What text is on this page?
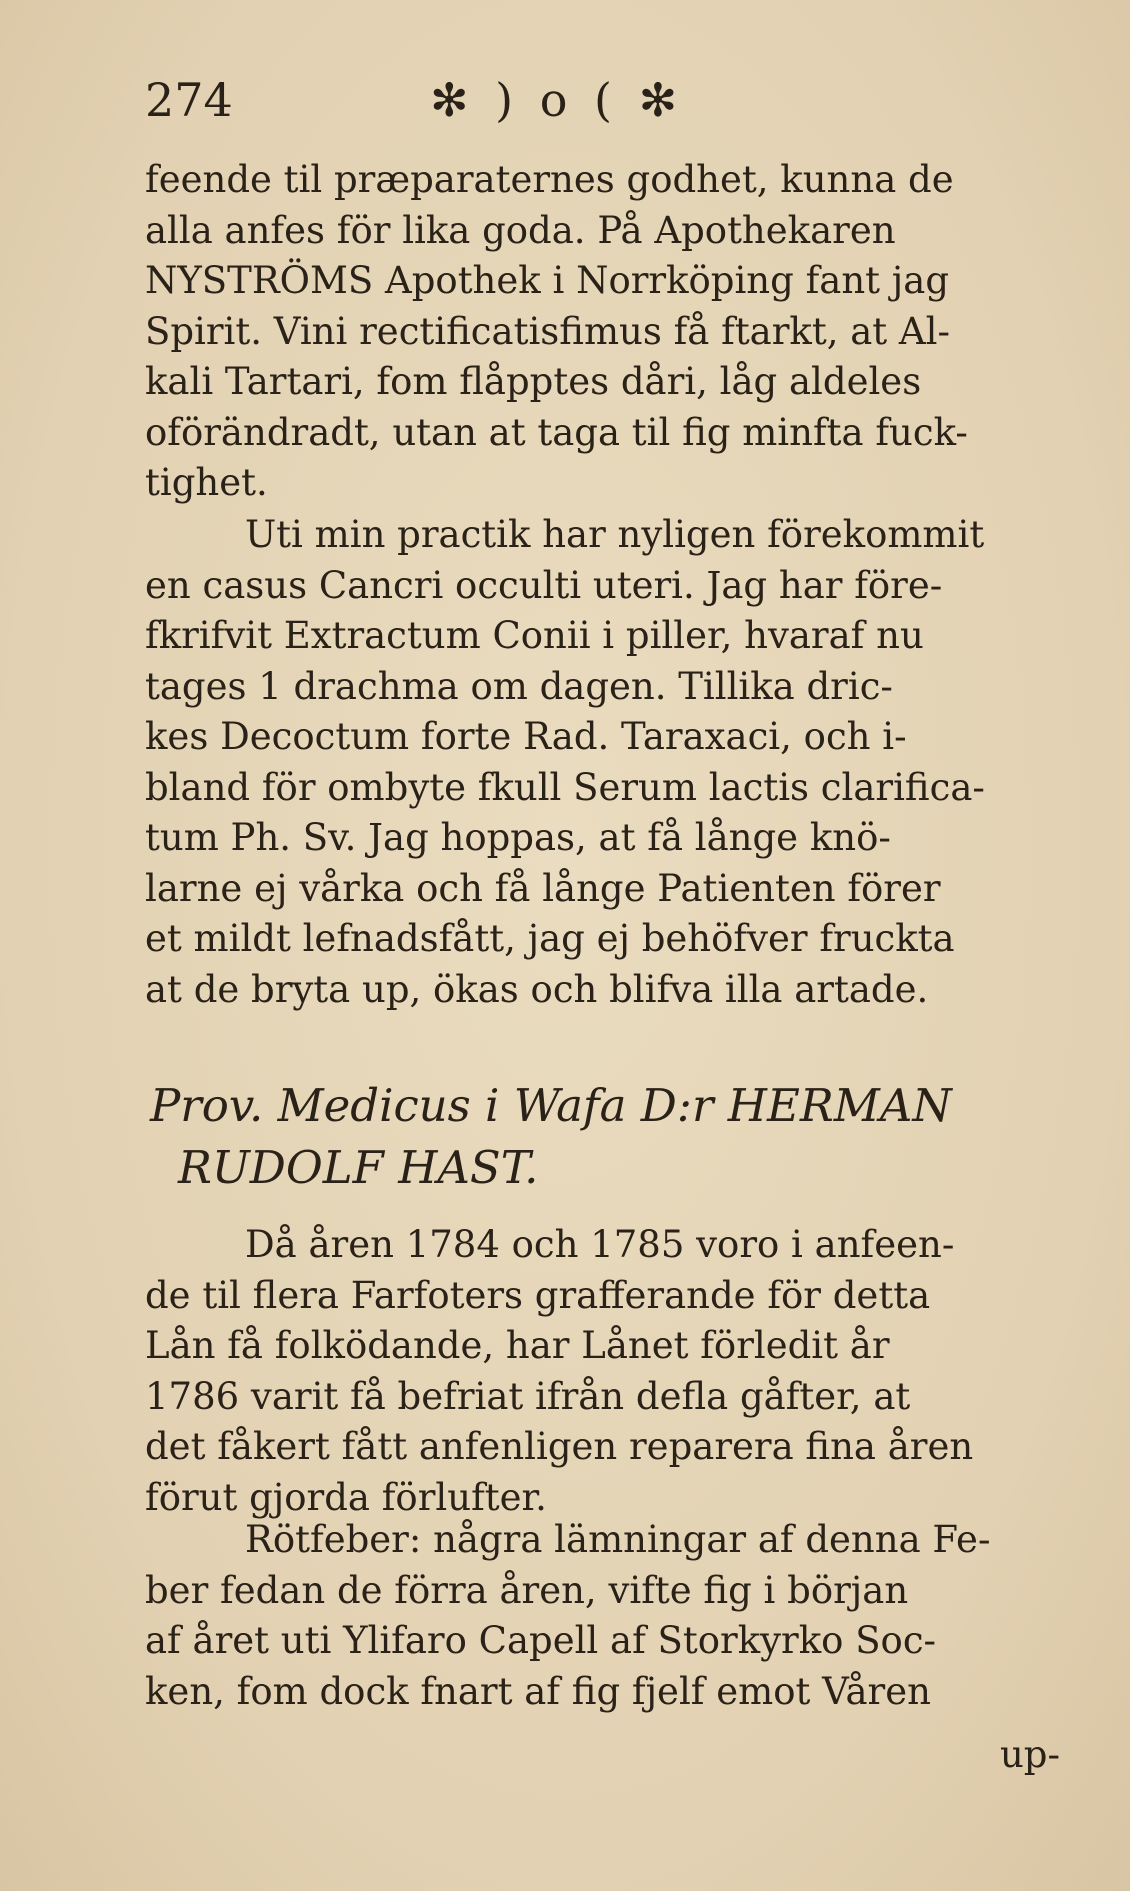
274	✻ ) o ( ✻
feende til præparaternes godhet, kunna de
alla anfes för lika goda. På Apothekaren
NYSTRÖMS Apothek i Norrköping fant jag
Spirit. Vini rectificatisfimus få ftarkt, at Al-
kali Tartari, fom flåpptes dåri, låg aldeles
oförändradt, utan at taga til fig minfta fuck-
tighet.
Uti min practik har nyligen förekommit
en casus Cancri occulti uteri. Jag har före-
fkrifvit Extractum Conii i piller, hvaraf nu
tages 1 drachma om dagen. Tillika dric-
kes Decoctum forte Rad. Taraxaci, och i-
bland för ombyte fkull Serum lactis clarifica-
tum Ph. Sv. Jag hoppas, at få långe knö-
larne ej vårka och få långe Patienten förer
et mildt lefnadsfått, jag ej behöfver fruckta
at de bryta up, ökas och blifva illa artade.
Prov. Medicus i Wafa D:r HERMAN
RUDOLF HAST.
Då åren 1784 och 1785 voro i anfeen-
de til flera Farfoters grafferande för detta
Lån få folködande, har Lånet förledit år
1786 varit få befriat ifrån defla gåfter, at
det fåkert fått anfenligen reparera fina åren
förut gjorda förlufter.
Rötfeber: några lämningar af denna Fe-
ber fedan de förra åren, vifte fig i början
af året uti Ylifaro Capell af Storkyrko Soc-
ken, fom dock fnart af fig fjelf emot Våren
up-
